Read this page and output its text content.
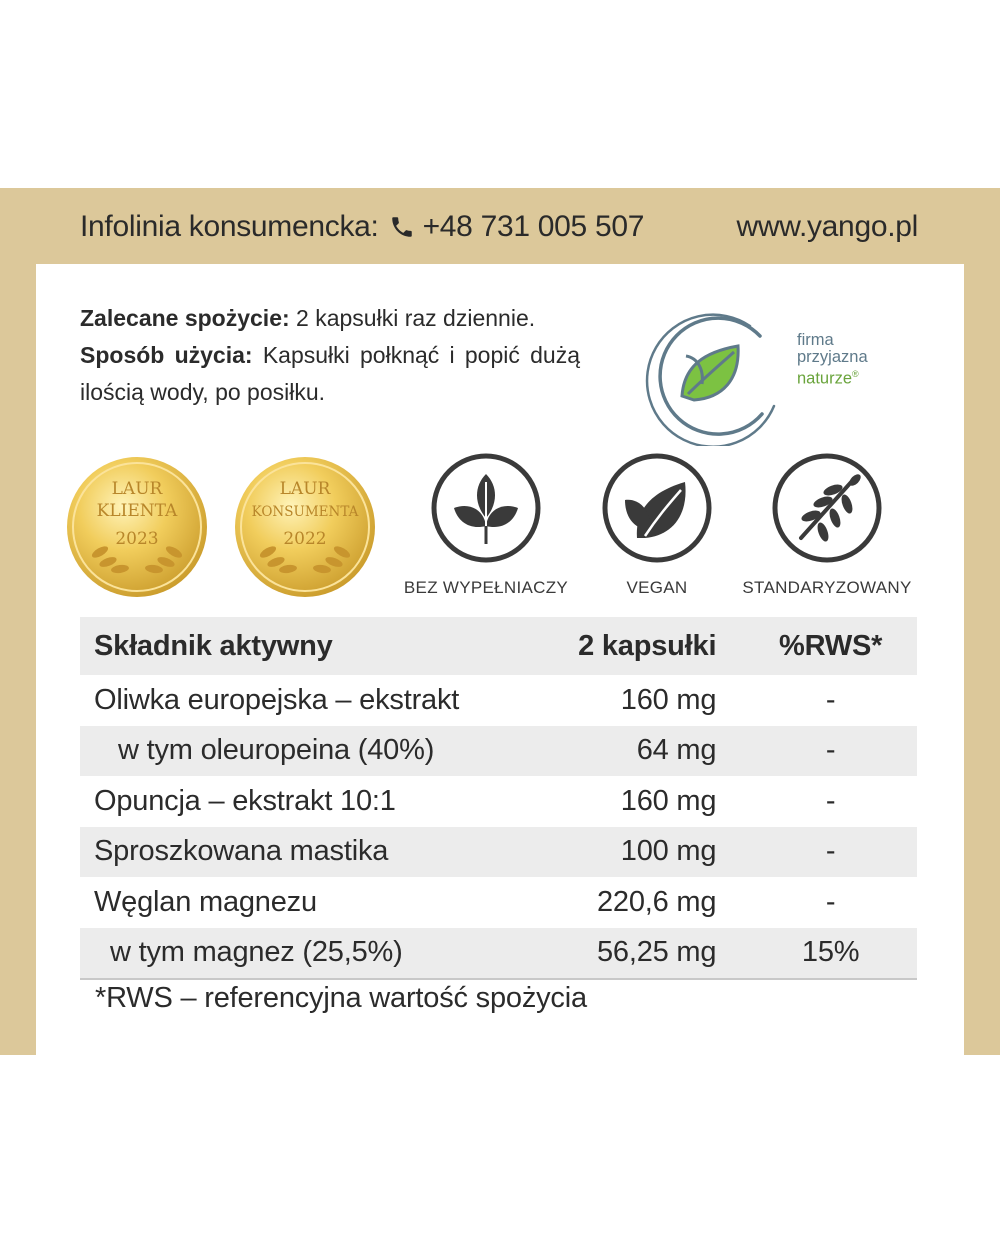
Infolinia konsumencka: +48 731 005 507	www.yango.pl

Zalecane spożycie: 2 kapsułki raz dziennie.

Sposób użycia: Kapsułki połknąć i popić dużą ilością wody, po posiłku.

firma
przyjazna
naturze®
LAUR
KLIENTA
2023
LAUR
KONSUMENTA
2022
BEZ WYPEŁNIACZY	VEGAN	STANDARYZOWANY
Składnik aktywny	2 kapsułki	%RWS*
Oliwka europejska – ekstrakt	160 mg	-
w tym oleuropeina (40%)	64 mg	-
Opuncja – ekstrakt 10:1	160 mg	-
Sproszkowana mastika	100 mg	-
Węglan magnezu	220,6 mg	-
w tym magnez (25,5%)	56,25 mg	15%
*RWS – referencyjna wartość spożycia
